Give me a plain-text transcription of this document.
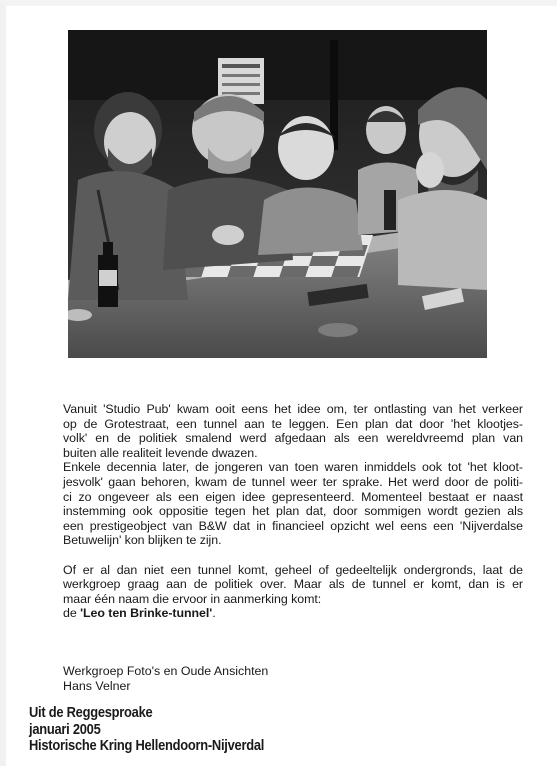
Vanuit 'Studio Pub' kwam ooit eens het idee om, ter ontlasting van het verkeer
op de Grotestraat, een tunnel aan te leggen. Een plan dat door 'het klootjes-
volk' en de politiek smalend werd afgedaan als een wereldvreemd plan van
buiten alle realiteit levende dwazen.

Enkele decennia later, de jongeren van toen waren inmiddels ook tot 'het kloot-
jesvolk' gaan behoren, kwam de tunnel weer ter sprake. Het werd door de politi-
ci zo ongeveer als een eigen idee gepresenteerd. Momenteel bestaat er naast
instemming ook oppositie tegen het plan dat, door sommigen wordt gezien als
een prestigeobject van B&W dat in financieel opzicht wel eens een 'Nijverdalse
Betuwelijn' kon blijken te zijn.

Of er al dan niet een tunnel komt, geheel of gedeeltelijk ondergronds, laat de
werkgroep graag aan de politiek over. Maar als de tunnel er komt, dan is er
maar één naam die ervoor in aanmerking komt:
de 'Leo ten Brinke-tunnel'.

Werkgroep Foto's en Oude Ansichten
Hans Velner
Uit de Reggesproake
januari 2005
Historische Kring Hellendoorn-Nijverdal
